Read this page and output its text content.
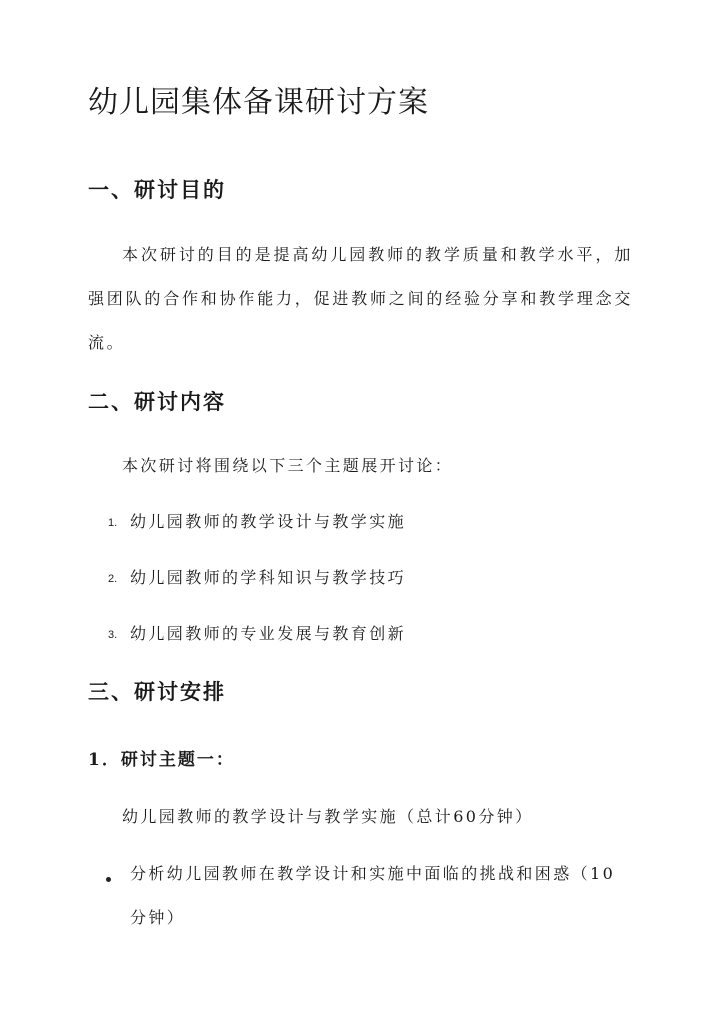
幼儿园集体备课研讨方案
一、研讨目的

本次研讨的目的是提高幼儿园教师的教学质量和教学水平，加强团队的合作和协作能力，促进教师之间的经验分享和教学理念交流。

二、研讨内容

本次研讨将围绕以下三个主题展开讨论：

1. 幼儿园教师的教学设计与教学实施

2. 幼儿园教师的学科知识与教学技巧

3. 幼儿园教师的专业发展与教育创新

三、研讨安排
1．研讨主题一：

幼儿园教师的教学设计与教学实施（总计60分钟）

分析幼儿园教师在教学设计和实施中面临的挑战和困惑（10分钟）
